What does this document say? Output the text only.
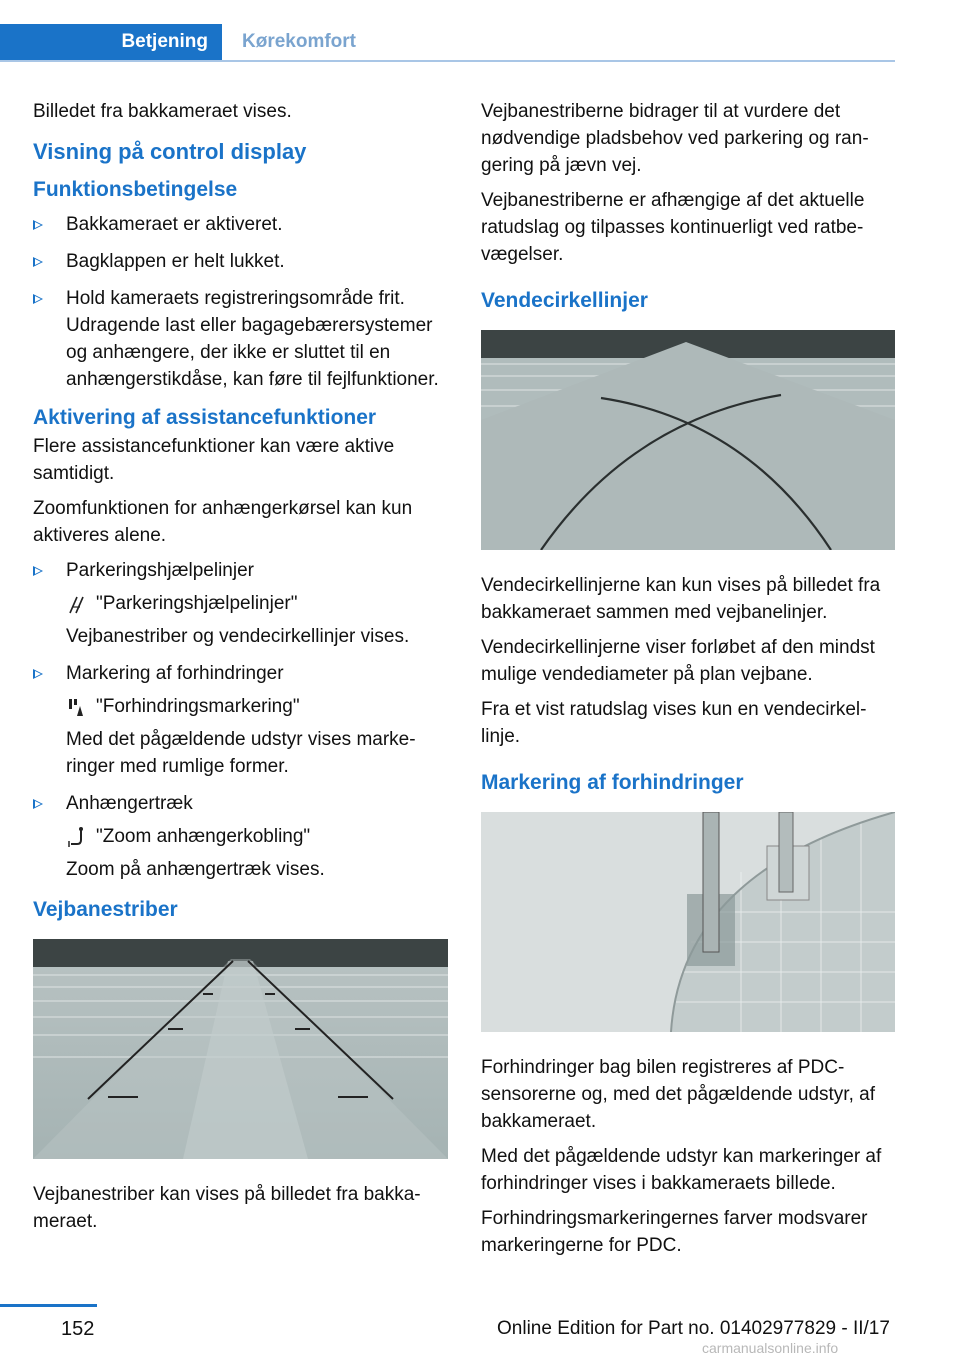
Betjening	Kørekomfort

Billedet fra bakkameraet vises.

Visning på control display
Funktionsbetingelse
Bakkameraet er aktiveret.
Bagklappen er helt lukket.
Hold kameraets registreringsområde frit. Udragende last eller bagagebærersystemer og anhængere, der ikke er sluttet til en anhængerstikdåse, kan føre til fejlfunktioner.
Aktivering af assistancefunktioner

Flere assistancefunktioner kan være aktive samtidigt.

Zoomfunktionen for anhængerkørsel kan kun aktiveres alene.

Parkeringshjælpelinjer
"Parkeringshjælpelinjer"
Vejbanestriber og vendecirkellinjer vises.
Markering af forhindringer
"Forhindringsmarkering"
Med det pågældende udstyr vises markeringer med rumlige former.
Anhængertræk
"Zoom anhængerkobling"
Zoom på anhængertræk vises.
Vejbanestriber

Vejbanestriber kan vises på billedet fra bakkameraet.

Vejbanestriberne bidrager til at vurdere det nødvendige pladsbehov ved parkering og rangering på jævn vej.

Vejbanestriberne er afhængige af det aktuelle ratudslag og tilpasses kontinuerligt ved ratbevægelser.

Vendecirkellinjer

Vendecirkellinjerne kan kun vises på billedet fra bakkameraet sammen med vejbanelinjer.

Vendecirkellinjerne viser forløbet af den mindst mulige vendediameter på plan vejbane.

Fra et vist ratudslag vises kun en vendecirkellinje.

Markering af forhindringer

Forhindringer bag bilen registreres af PDC-sensorerne og, med det pågældende udstyr, af bakkameraet.

Med det pågældende udstyr kan markeringer af forhindringer vises i bakkameraets billede.

Forhindringsmarkeringernes farver modsvarer markeringerne for PDC.

152	Online Edition for Part no. 01402977829 - II/17
carmanualsonline.info
